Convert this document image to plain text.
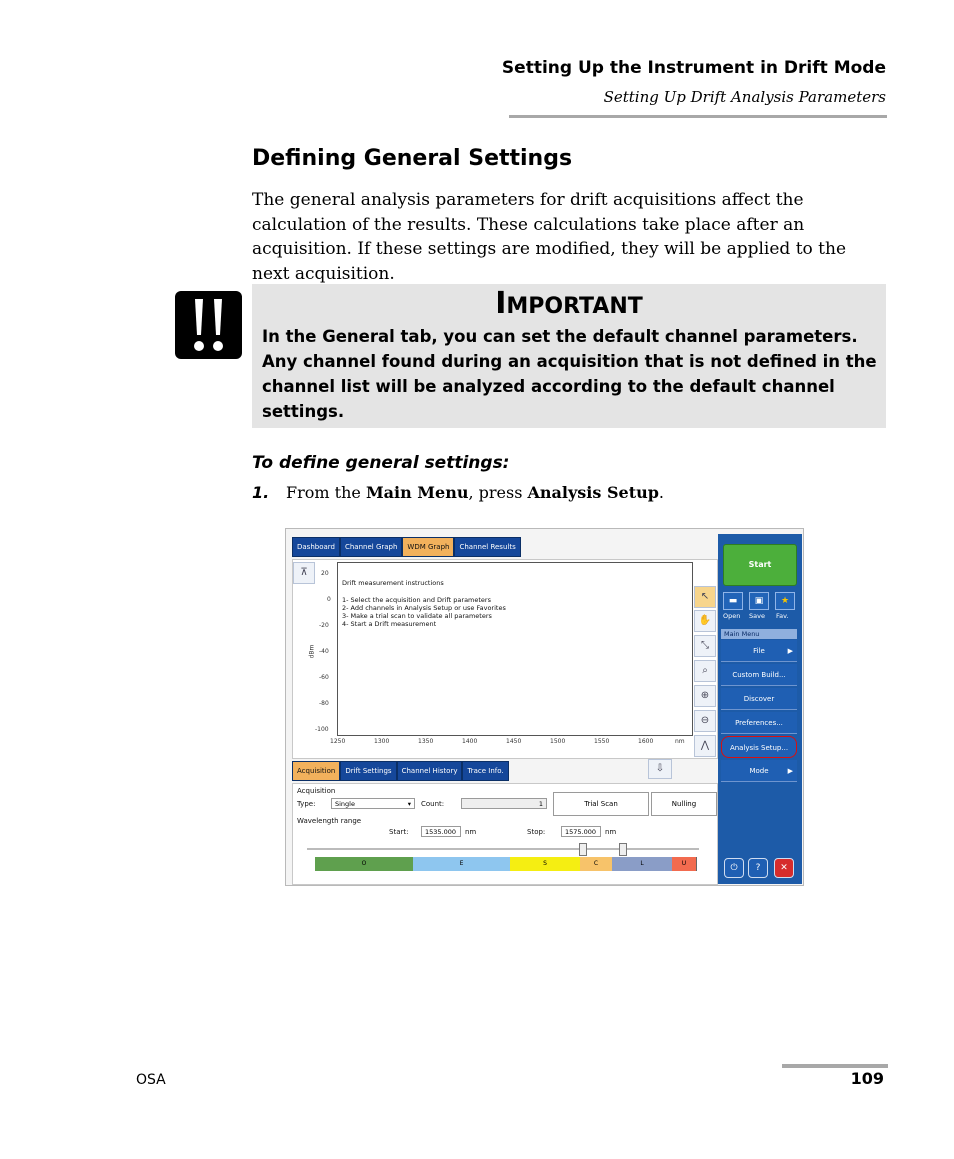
Setting Up the Instrument in Drift Mode
Setting Up Drift Analysis Parameters
Defining General Settings
The general analysis parameters for drift acquisitions affect the calculation of the results. These calculations take place after an acquisition. If these settings are modified, they will be applied to the next acquisition.
IMPORTANT
In the General tab, you can set the default channel parameters. Any channel found during an acquisition that is not defined in the channel list will be analyzed according to the default channel settings.
To define general settings:
1. From the Main Menu, press Analysis Setup.
Dashboard	Channel Graph	WDM Graph	Channel Results
⊼
dBm
20
0
-20
-40
-60
-80
-100
Drift measurement instructions
1- Select the acquisition and Drift parameters
2- Add channels in Analysis Setup or use Favorites
3- Make a trial scan to validate all parameters
4- Start a Drift measurement
1250	1300	1350	1400	1450	1500	1550	1600	nm
↖
✋
⤡
⌕
⊕
⊖
⋀
Acquisition	Drift Settings	Channel History	Trace Info.	⇩
Acquisition
Type:	Single	▾ Count:	1	Trial Scan	Nulling
Wavelength range
Start:	1535.000	nm	Stop:	1575.000	nm
O	E	S	C	L	U
Start
▬	▣	★
Open Save Fav.
Main Menu
File	▶
Custom Build...
Discover
Preferences...
Analysis Setup...
Mode	▶
⏻	?	✕
OSA	109
